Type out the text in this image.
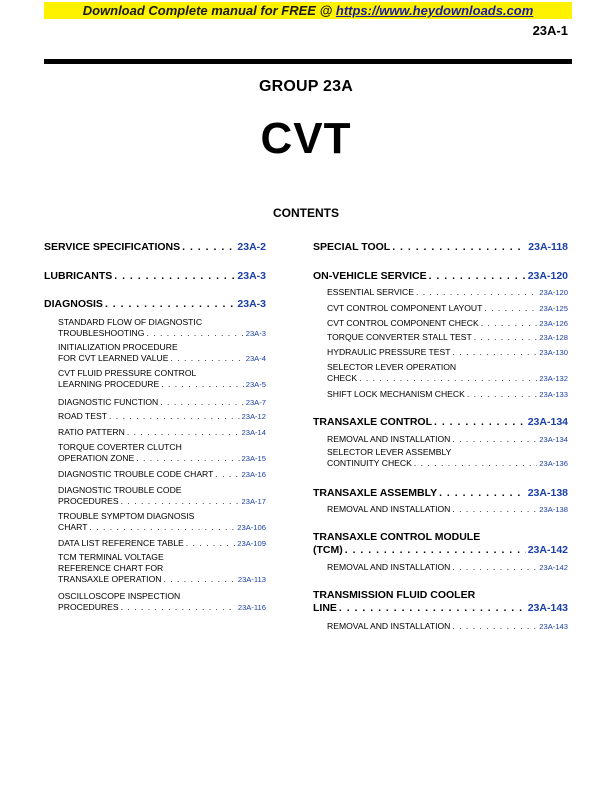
Download Complete manual for FREE @ https://www.heydownloads.com
23A-1
GROUP 23A
CVT
CONTENTS
SERVICE SPECIFICATIONS . . .	23A-2
LUBRICANTS . . .	23A-3
DIAGNOSIS . . .	23A-3
STANDARD FLOW OF DIAGNOSTIC
TROUBLESHOOTING . . .	23A-3
INITIALIZATION PROCEDURE
FOR CVT LEARNED VALUE . . .	23A-4
CVT FLUID PRESSURE CONTROL
LEARNING PROCEDURE . . .	23A-5
DIAGNOSTIC FUNCTION . . .	23A-7
ROAD TEST . . .	23A-12
RATIO PATTERN . . .	23A-14
TORQUE COVERTER CLUTCH
OPERATION ZONE . . .	23A-15
DIAGNOSTIC TROUBLE CODE CHART . . .	23A-16
DIAGNOSTIC TROUBLE CODE
PROCEDURES . . .	23A-17
TROUBLE SYMPTOM DIAGNOSIS
CHART . . .	23A-106
DATA LIST REFERENCE TABLE . . .	23A-109
TCM TERMINAL VOLTAGE
REFERENCE CHART FOR
TRANSAXLE OPERATION . . .	23A-113
OSCILLOSCOPE INSPECTION
PROCEDURES . . .	23A-116
SPECIAL TOOL . . .	23A-118
ON-VEHICLE SERVICE . . .	23A-120
ESSENTIAL SERVICE . . .	23A-120
CVT CONTROL COMPONENT LAYOUT . . .	23A-125
CVT CONTROL COMPONENT CHECK . . .	23A-126
TORQUE CONVERTER STALL TEST . . .	23A-128
HYDRAULIC PRESSURE TEST . . .	23A-130
SELECTOR LEVER OPERATION
CHECK . . .	23A-132
SHIFT LOCK MECHANISM CHECK . . .	23A-133
TRANSAXLE CONTROL . . .	23A-134
REMOVAL AND INSTALLATION . . .	23A-134
SELECTOR LEVER ASSEMBLY
CONTINUITY CHECK . . .	23A-136
TRANSAXLE ASSEMBLY . . .	23A-138
REMOVAL AND INSTALLATION . . .	23A-138
TRANSAXLE CONTROL MODULE
(TCM) . . .	23A-142
REMOVAL AND INSTALLATION . . .	23A-142
TRANSMISSION FLUID COOLER
LINE . . .	23A-143
REMOVAL AND INSTALLATION . . .	23A-143
